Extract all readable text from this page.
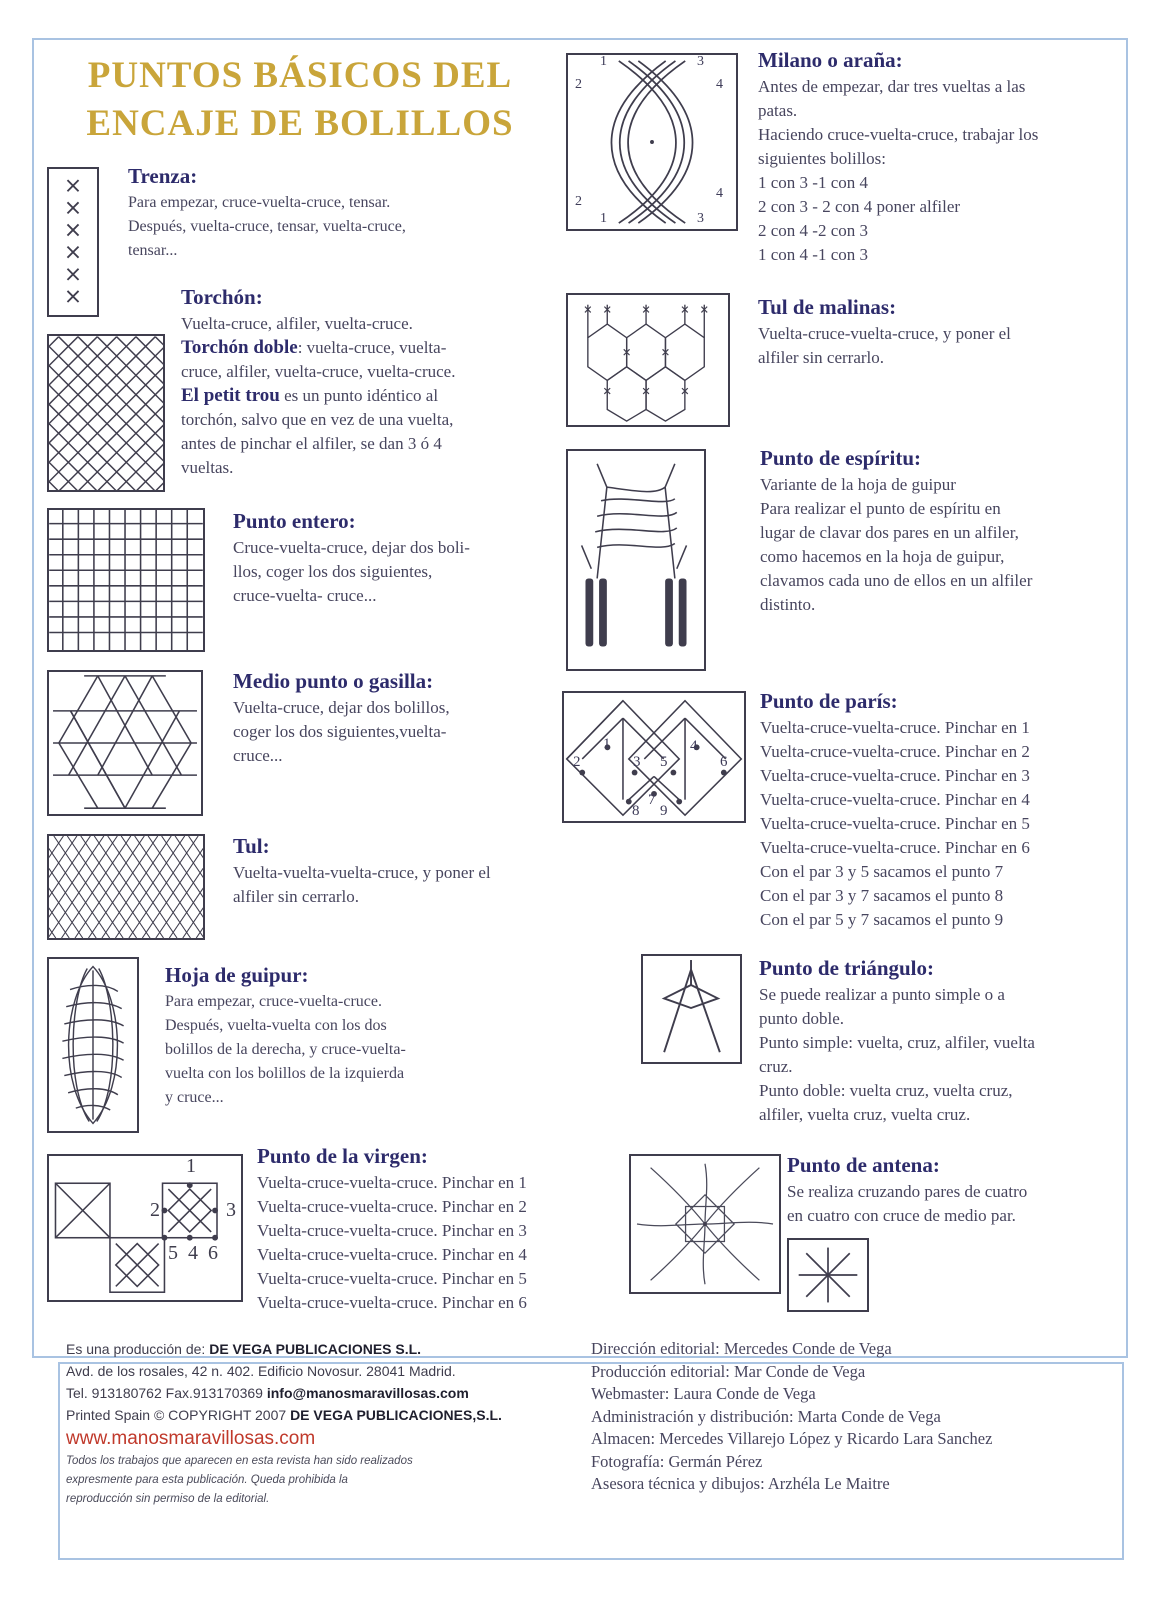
PUNTOS BÁSICOS DEL
ENCAJE DE BOLILLOS
1
2	3
5 4 6
Trenza:

Para empezar, cruce-vuelta-cruce, tensar.

Después, vuelta-cruce, tensar, vuelta-cruce,

tensar...

Torchón:

Vuelta-cruce, alfiler, vuelta-cruce.

Torchón doble: vuelta-cruce, vuelta-

cruce, alfiler, vuelta-cruce, vuelta-cruce.

El petit trou es un punto idéntico al

torchón, salvo que en vez de una vuelta,

antes de pinchar el alfiler, se dan 3 ó 4

vueltas.

Punto entero:

Cruce-vuelta-cruce, dejar dos boli-

llos, coger los dos siguientes,

cruce-vuelta- cruce...

Medio punto o gasilla:

Vuelta-cruce, dejar dos bolillos,

coger los dos siguientes,vuelta-

cruce...

Tul:

Vuelta-vuelta-vuelta-cruce, y poner el

alfiler sin cerrarlo.

Hoja de guipur:

Para empezar, cruce-vuelta-cruce.

Después, vuelta-vuelta con los dos

bolillos de la derecha, y cruce-vuelta-

vuelta con los bolillos de la izquierda

y cruce...

Punto de la virgen:

Vuelta-cruce-vuelta-cruce. Pinchar en 1

Vuelta-cruce-vuelta-cruce. Pinchar en 2

Vuelta-cruce-vuelta-cruce. Pinchar en 3

Vuelta-cruce-vuelta-cruce. Pinchar en 4

Vuelta-cruce-vuelta-cruce. Pinchar en 5

Vuelta-cruce-vuelta-cruce. Pinchar en 6

1	3
2	4
2
4
1	3
1
2	3 5
4
6
7
8 9
Milano o araña:

Antes de empezar, dar tres vueltas a las

patas.

Haciendo cruce-vuelta-cruce, trabajar los

siguientes bolillos:

1 con 3 -1 con 4

2 con 3 - 2 con 4 poner alfiler

2 con 4 -2 con 3

1 con 4 -1 con 3

Tul de malinas:

Vuelta-cruce-vuelta-cruce, y poner el

alfiler sin cerrarlo.

Punto de espíritu:

Variante de la hoja de guipur

Para realizar el punto de espíritu en

lugar de clavar dos pares en un alfiler,

como hacemos en la hoja de guipur,

clavamos cada uno de ellos en un alfiler

distinto.

Punto de parís:

Vuelta-cruce-vuelta-cruce. Pinchar en 1

Vuelta-cruce-vuelta-cruce. Pinchar en 2

Vuelta-cruce-vuelta-cruce. Pinchar en 3

Vuelta-cruce-vuelta-cruce. Pinchar en 4

Vuelta-cruce-vuelta-cruce. Pinchar en 5

Vuelta-cruce-vuelta-cruce. Pinchar en 6

Con el par 3 y 5 sacamos el punto 7

Con el par 3 y 7 sacamos el punto 8

Con el par 5 y 7 sacamos el punto 9

Punto de triángulo:

Se puede realizar a punto simple o a

punto doble.

Punto simple: vuelta, cruz, alfiler, vuelta

cruz.

Punto doble: vuelta cruz, vuelta cruz,

alfiler, vuelta cruz, vuelta cruz.

Punto de antena:

Se realiza cruzando pares de cuatro

en cuatro con cruce de medio par.

Es una producción de: DE VEGA PUBLICACIONES S.L.

Avd. de los rosales, 42 n. 402. Edificio Novosur. 28041 Madrid.

Tel. 913180762 Fax.913170369 info@manosmaravillosas.com

Printed Spain © COPYRIGHT 2007 DE VEGA PUBLICACIONES,S.L.

www.manosmaravillosas.com

Todos los trabajos que aparecen en esta revista han sido realizados

expresmente para esta publicación. Queda prohibida la

reproducción sin permiso de la editorial.

Dirección editorial: Mercedes Conde de Vega

Producción editorial: Mar Conde de Vega

Webmaster: Laura Conde de Vega

Administración y distribución: Marta Conde de Vega

Almacen: Mercedes Villarejo López y Ricardo Lara Sanchez

Fotografía: Germán Pérez

Asesora técnica y dibujos: Arzhéla Le Maitre
